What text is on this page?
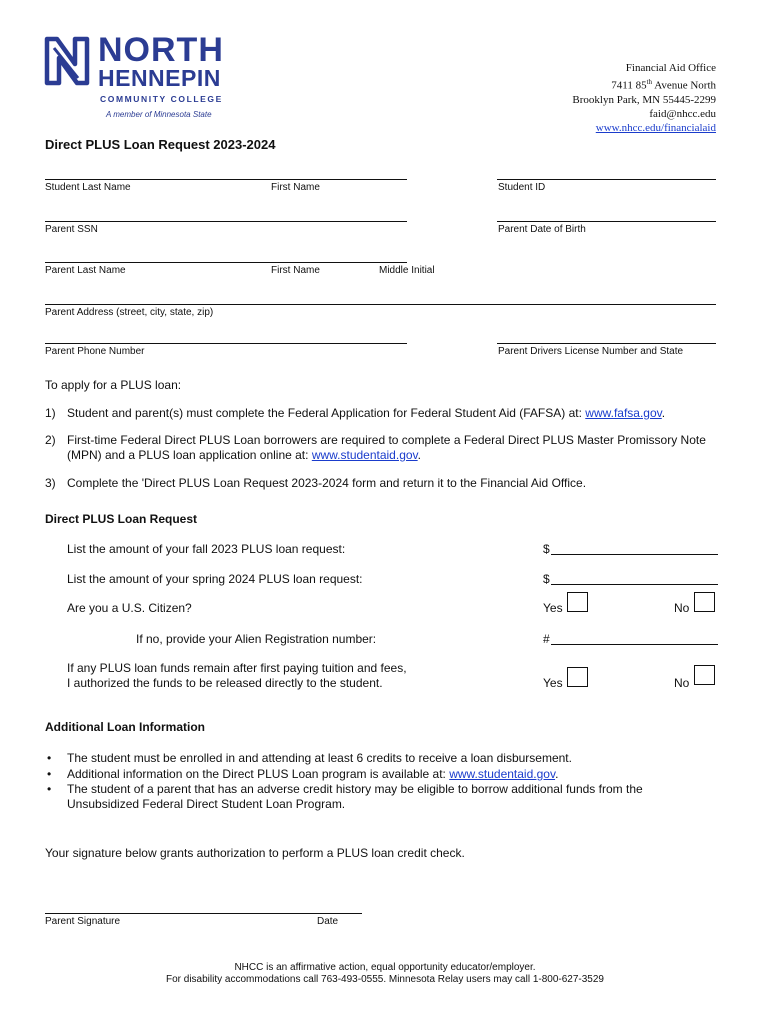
NORTH
HENNEPIN
COMMUNITY COLLEGE
A member of Minnesota State
Financial Aid Office
7411 85th Avenue North
Brooklyn Park, MN 55445-2299
faid@nhcc.edu
www.nhcc.edu/financialaid
Direct PLUS Loan Request 2023-2024
Student Last Name	First Name	Student ID
Parent SSN	Parent Date of Birth
Parent Last Name	First Name	Middle Initial
Parent Address (street, city, state, zip)
Parent Phone Number	Parent Drivers License Number and State
To apply for a PLUS loan:
1) Student and parent(s) must complete the Federal Application for Federal Student Aid (FAFSA) at: www.fafsa.gov.
2) First-time Federal Direct PLUS Loan borrowers are required to complete a Federal Direct PLUS Master Promissory Note (MPN) and a PLUS loan application online at: www.studentaid.gov.
3) Complete the 'Direct PLUS Loan Request 2023-2024 form and return it to the Financial Aid Office.
Direct PLUS Loan Request
List the amount of your fall 2023 PLUS loan request:	$
List the amount of your spring 2024 PLUS loan request:	$
Are you a U.S. Citizen?	Yes	No
If no, provide your Alien Registration number:	#
If any PLUS loan funds remain after first paying tuition and fees,
I authorized the funds to be released directly to the student.	Yes	No
Additional Loan Information
• The student must be enrolled in and attending at least 6 credits to receive a loan disbursement.
• Additional information on the Direct PLUS Loan program is available at: www.studentaid.gov.
• The student of a parent that has an adverse credit history may be eligible to borrow additional funds from the Unsubsidized Federal Direct Student Loan Program.
Your signature below grants authorization to perform a PLUS loan credit check.
Parent Signature	Date
NHCC is an affirmative action, equal opportunity educator/employer.
For disability accommodations call 763-493-0555. Minnesota Relay users may call 1-800-627-3529
